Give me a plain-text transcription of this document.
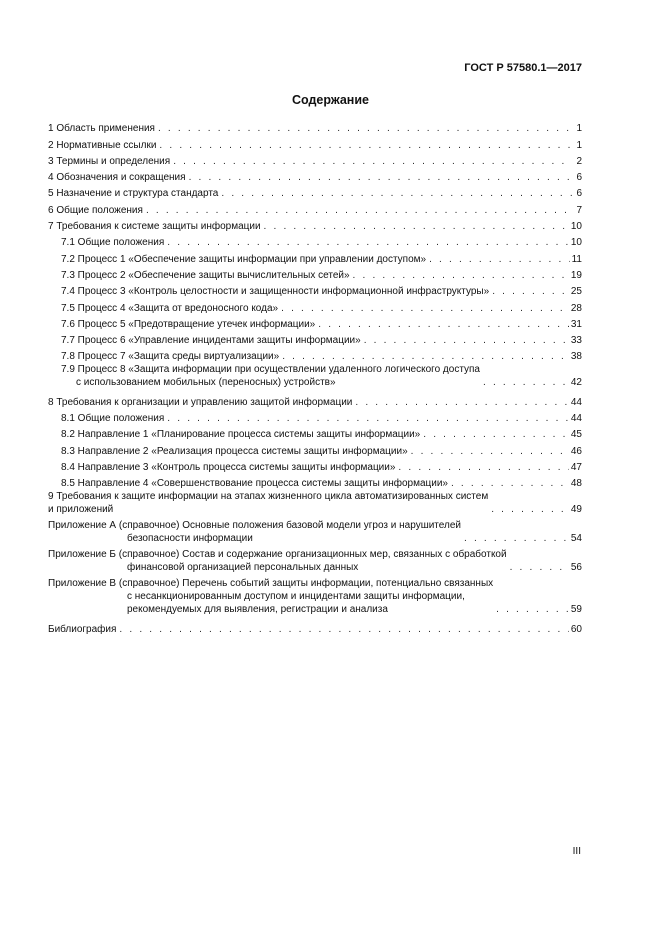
ГОСТ Р 57580.1—2017
Содержание
1 Область применения . . .	1
2 Нормативные ссылки . . .	1
3 Термины и определения . . .	2
4 Обозначения и сокращения . . .	6
5 Назначение и структура стандарта . . .	6
6 Общие положения . . .	7
7 Требования к системе защиты информации . . .	10
7.1 Общие положения . . .	10
7.2 Процесс 1 «Обеспечение защиты информации при управлении доступом» . . .	11
7.3 Процесс 2 «Обеспечение защиты вычислительных сетей» . . .	19
7.4 Процесс 3 «Контроль целостности и защищенности информационной инфраструктуры» . . .	25
7.5 Процесс 4 «Защита от вредоносного кода» . . .	28
7.6 Процесс 5 «Предотвращение утечек информации» . . .	31
7.7 Процесс 6 «Управление инцидентами защиты информации» . . .	33
7.8 Процесс 7 «Защита среды виртуализации» . . .	38
7.9 Процесс 8 «Защита информации при осуществлении удаленного логического доступа
с использованием мобильных (переносных) устройств» . . .	42
8 Требования к организации и управлению защитой информации . . .	44
8.1 Общие положения . . .	44
8.2 Направление 1 «Планирование процесса системы защиты информации» . . .	45
8.3 Направление 2 «Реализация процесса системы защиты информации» . . .	46
8.4 Направление 3 «Контроль процесса системы защиты информации» . . .	47
8.5 Направление 4 «Совершенствование процесса системы защиты информации» . . .	48
9 Требования к защите информации на этапах жизненного цикла автоматизированных систем
и приложений . . .	49
Приложение А (справочное) Основные положения базовой модели угроз и нарушителей
безопасности информации . . .	54
Приложение Б (справочное) Состав и содержание организационных мер, связанных с обработкой
финансовой организацией персональных данных . . .	56
Приложение В (справочное) Перечень событий защиты информации, потенциально связанных
с несанкционированным доступом и инцидентами защиты информации,
рекомендуемых для выявления, регистрации и анализа . . .	59
Библиография . . .	60
III
